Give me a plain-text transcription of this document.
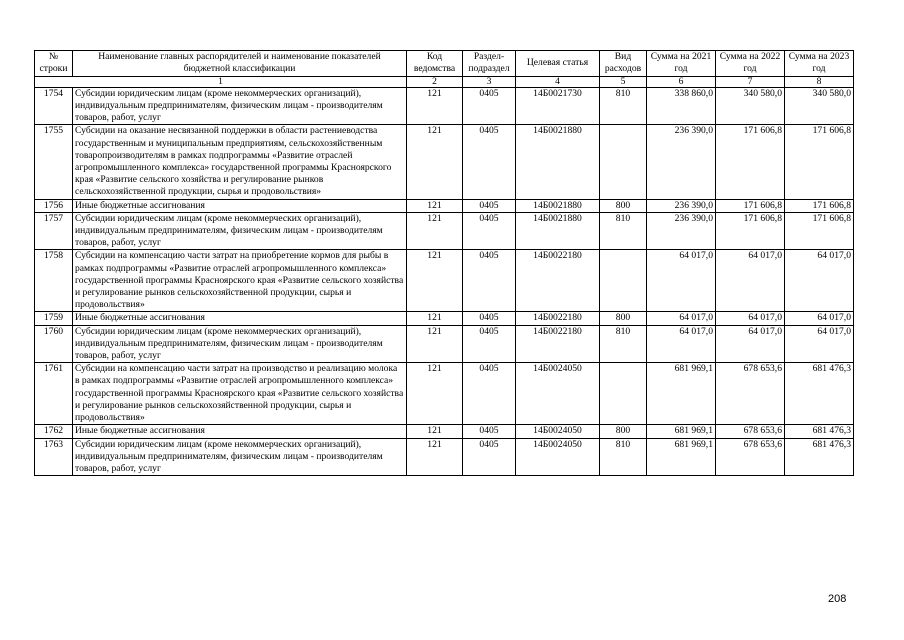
№ строки	Наименование главных распорядителей и наименование показателей бюджетной классификации	Код ведомства	Раздел-подраздел	Целевая статья	Вид расходов	Сумма на 2021 год	Сумма на 2022 год	Сумма на 2023 год
1		2	3	4	5	6	7	8
1754	Субсидии юридическим лицам (кроме некоммерческих организаций), индивидуальным предпринимателям, физическим лицам - производителям товаров, работ, услуг	121	0405	14Б0021730	810	338 860,0	340 580,0	340 580,0
1755	Субсидии на оказание несвязанной поддержки в области растениеводства государственным и муниципальным предприятиям, сельскохозяйственным товаропроизводителям в рамках подпрограммы «Развитие отраслей агропромышленного комплекса» государственной программы Красноярского края «Развитие сельского хозяйства и регулирование рынков сельскохозяйственной продукции, сырья и продовольствия»	121	0405	14Б0021880		236 390,0	171 606,8	171 606,8
1756	Иные бюджетные ассигнования	121	0405	14Б0021880	800	236 390,0	171 606,8	171 606,8
1757	Субсидии юридическим лицам (кроме некоммерческих организаций), индивидуальным предпринимателям, физическим лицам - производителям товаров, работ, услуг	121	0405	14Б0021880	810	236 390,0	171 606,8	171 606,8
1758	Субсидии на компенсацию части затрат на приобретение кормов для рыбы в рамках подпрограммы «Развитие отраслей агропромышленного комплекса» государственной программы Красноярского края «Развитие сельского хозяйства и регулирование рынков сельскохозяйственной продукции, сырья и продовольствия»	121	0405	14Б0022180		64 017,0	64 017,0	64 017,0
1759	Иные бюджетные ассигнования	121	0405	14Б0022180	800	64 017,0	64 017,0	64 017,0
1760	Субсидии юридическим лицам (кроме некоммерческих организаций), индивидуальным предпринимателям, физическим лицам - производителям товаров, работ, услуг	121	0405	14Б0022180	810	64 017,0	64 017,0	64 017,0
1761	Субсидии на компенсацию части затрат на производство и реализацию молока в рамках подпрограммы «Развитие отраслей агропромышленного комплекса» государственной программы Красноярского края «Развитие сельского хозяйства и регулирование рынков сельскохозяйственной продукции, сырья и продовольствия»	121	0405	14Б0024050		681 969,1	678 653,6	681 476,3
1762	Иные бюджетные ассигнования	121	0405	14Б0024050	800	681 969,1	678 653,6	681 476,3
1763	Субсидии юридическим лицам (кроме некоммерческих организаций), индивидуальным предпринимателям, физическим лицам - производителям товаров, работ, услуг	121	0405	14Б0024050	810	681 969,1	678 653,6	681 476,3
208
